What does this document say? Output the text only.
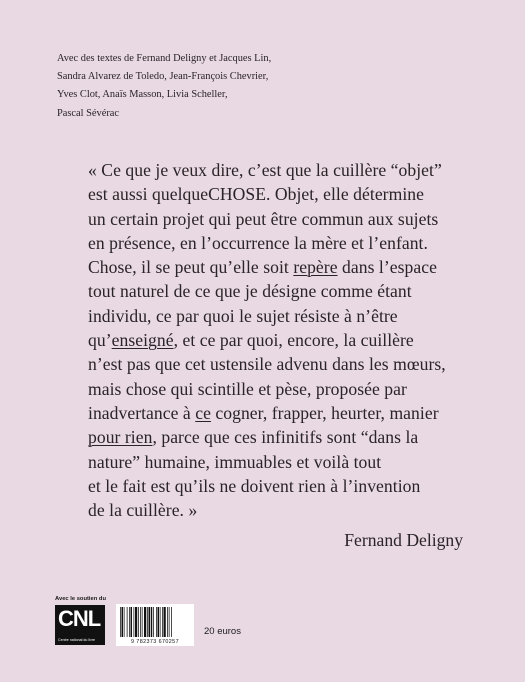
Avec des textes de Fernand Deligny et Jacques Lin,
Sandra Alvarez de Toledo, Jean-François Chevrier,
Yves Clot, Anaïs Masson, Livia Scheller,
Pascal Sévérac
« Ce que je veux dire, c’est que la cuillère “objet”
est aussi quelqueCHOSE. Objet, elle détermine
un certain projet qui peut être commun aux sujets
en présence, en l’occurrence la mère et l’enfant.
Chose, il se peut qu’elle soit repère dans l’espace
tout naturel de ce que je désigne comme étant
individu, ce par quoi le sujet résiste à n’être
qu’enseigné, et ce par quoi, encore, la cuillère
n’est pas que cet ustensile advenu dans les mœurs,
mais chose qui scintille et pèse, proposée par
inadvertance à ce cogner, frapper, heurter, manier
pour rien, parce que ces infinitifs sont “dans la
nature” humaine, immuables et voilà tout
et le fait est qu’ils ne doivent rien à l’invention
de la cuillère. »
Fernand Deligny
Avec le soutien du
CNL
Centre national du livre	9 782373 670257
20 euros
